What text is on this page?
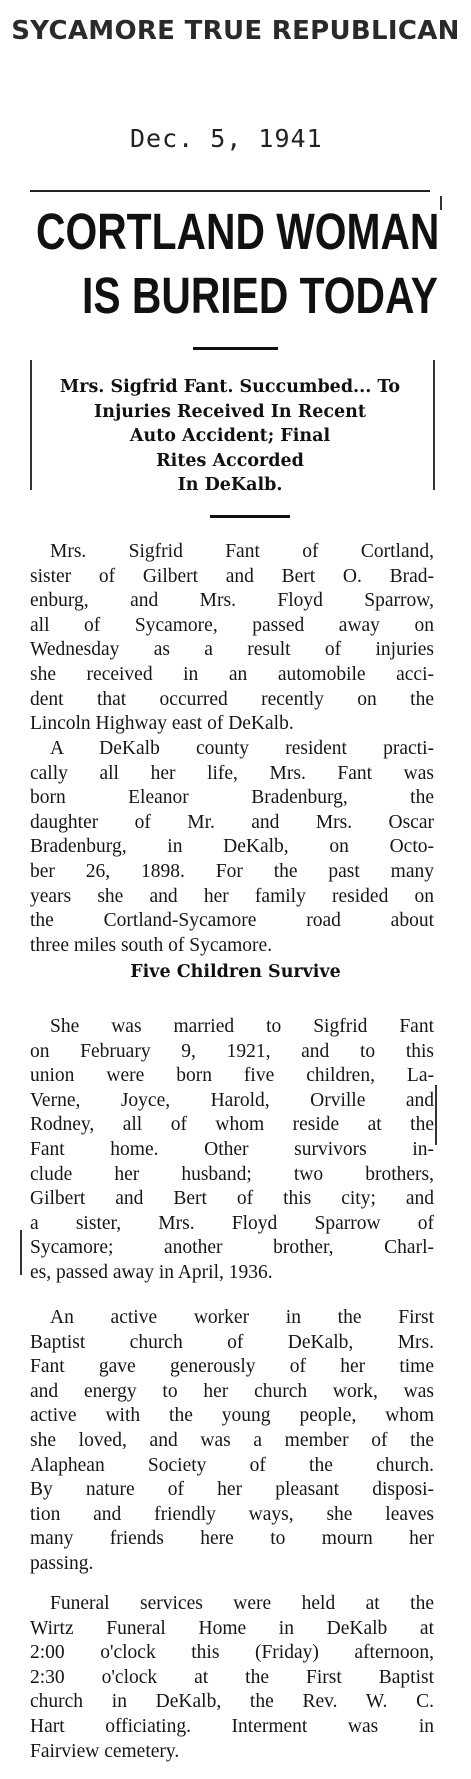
SYCAMORE TRUE REPUBLICAN
Dec. 5, 1941
CORTLAND WOMAN
IS BURIED TODAY
Mrs. Sigfrid Fant. Succumbed... To
Injuries Received In Recent
Auto Accident; Final
Rites Accorded
In DeKalb.
Mrs. Sigfrid Fant of Cortland,
sister of Gilbert and Bert O. Brad-
enburg, and Mrs. Floyd Sparrow,
all of Sycamore, passed away on
Wednesday as a result of injuries
she received in an automobile acci-
dent that occurred recently on the
Lincoln Highway east of DeKalb.
A DeKalb county resident practi-
cally all her life, Mrs. Fant was
born Eleanor Bradenburg, the
daughter of Mr. and Mrs. Oscar
Bradenburg, in DeKalb, on Octo-
ber 26, 1898. For the past many
years she and her family resided on
the Cortland-Sycamore road about
three miles south of Sycamore.
Five Children Survive
She was married to Sigfrid Fant
on February 9, 1921, and to this
union were born five children, La-
Verne, Joyce, Harold, Orville and
Rodney, all of whom reside at the
Fant home. Other survivors in-
clude her husband; two brothers,
Gilbert and Bert of this city; and
a sister, Mrs. Floyd Sparrow of
Sycamore; another brother, Charl-
es, passed away in April, 1936.
An active worker in the First
Baptist church of DeKalb, Mrs.
Fant gave generously of her time
and energy to her church work, was
active with the young people, whom
she loved, and was a member of the
Alaphean Society of the church.
By nature of her pleasant disposi-
tion and friendly ways, she leaves
many friends here to mourn her
passing.
Funeral services were held at the
Wirtz Funeral Home in DeKalb at
2:00 o'clock this (Friday) afternoon,
2:30 o'clock at the First Baptist
church in DeKalb, the Rev. W. C.
Hart officiating. Interment was in
Fairview cemetery.
